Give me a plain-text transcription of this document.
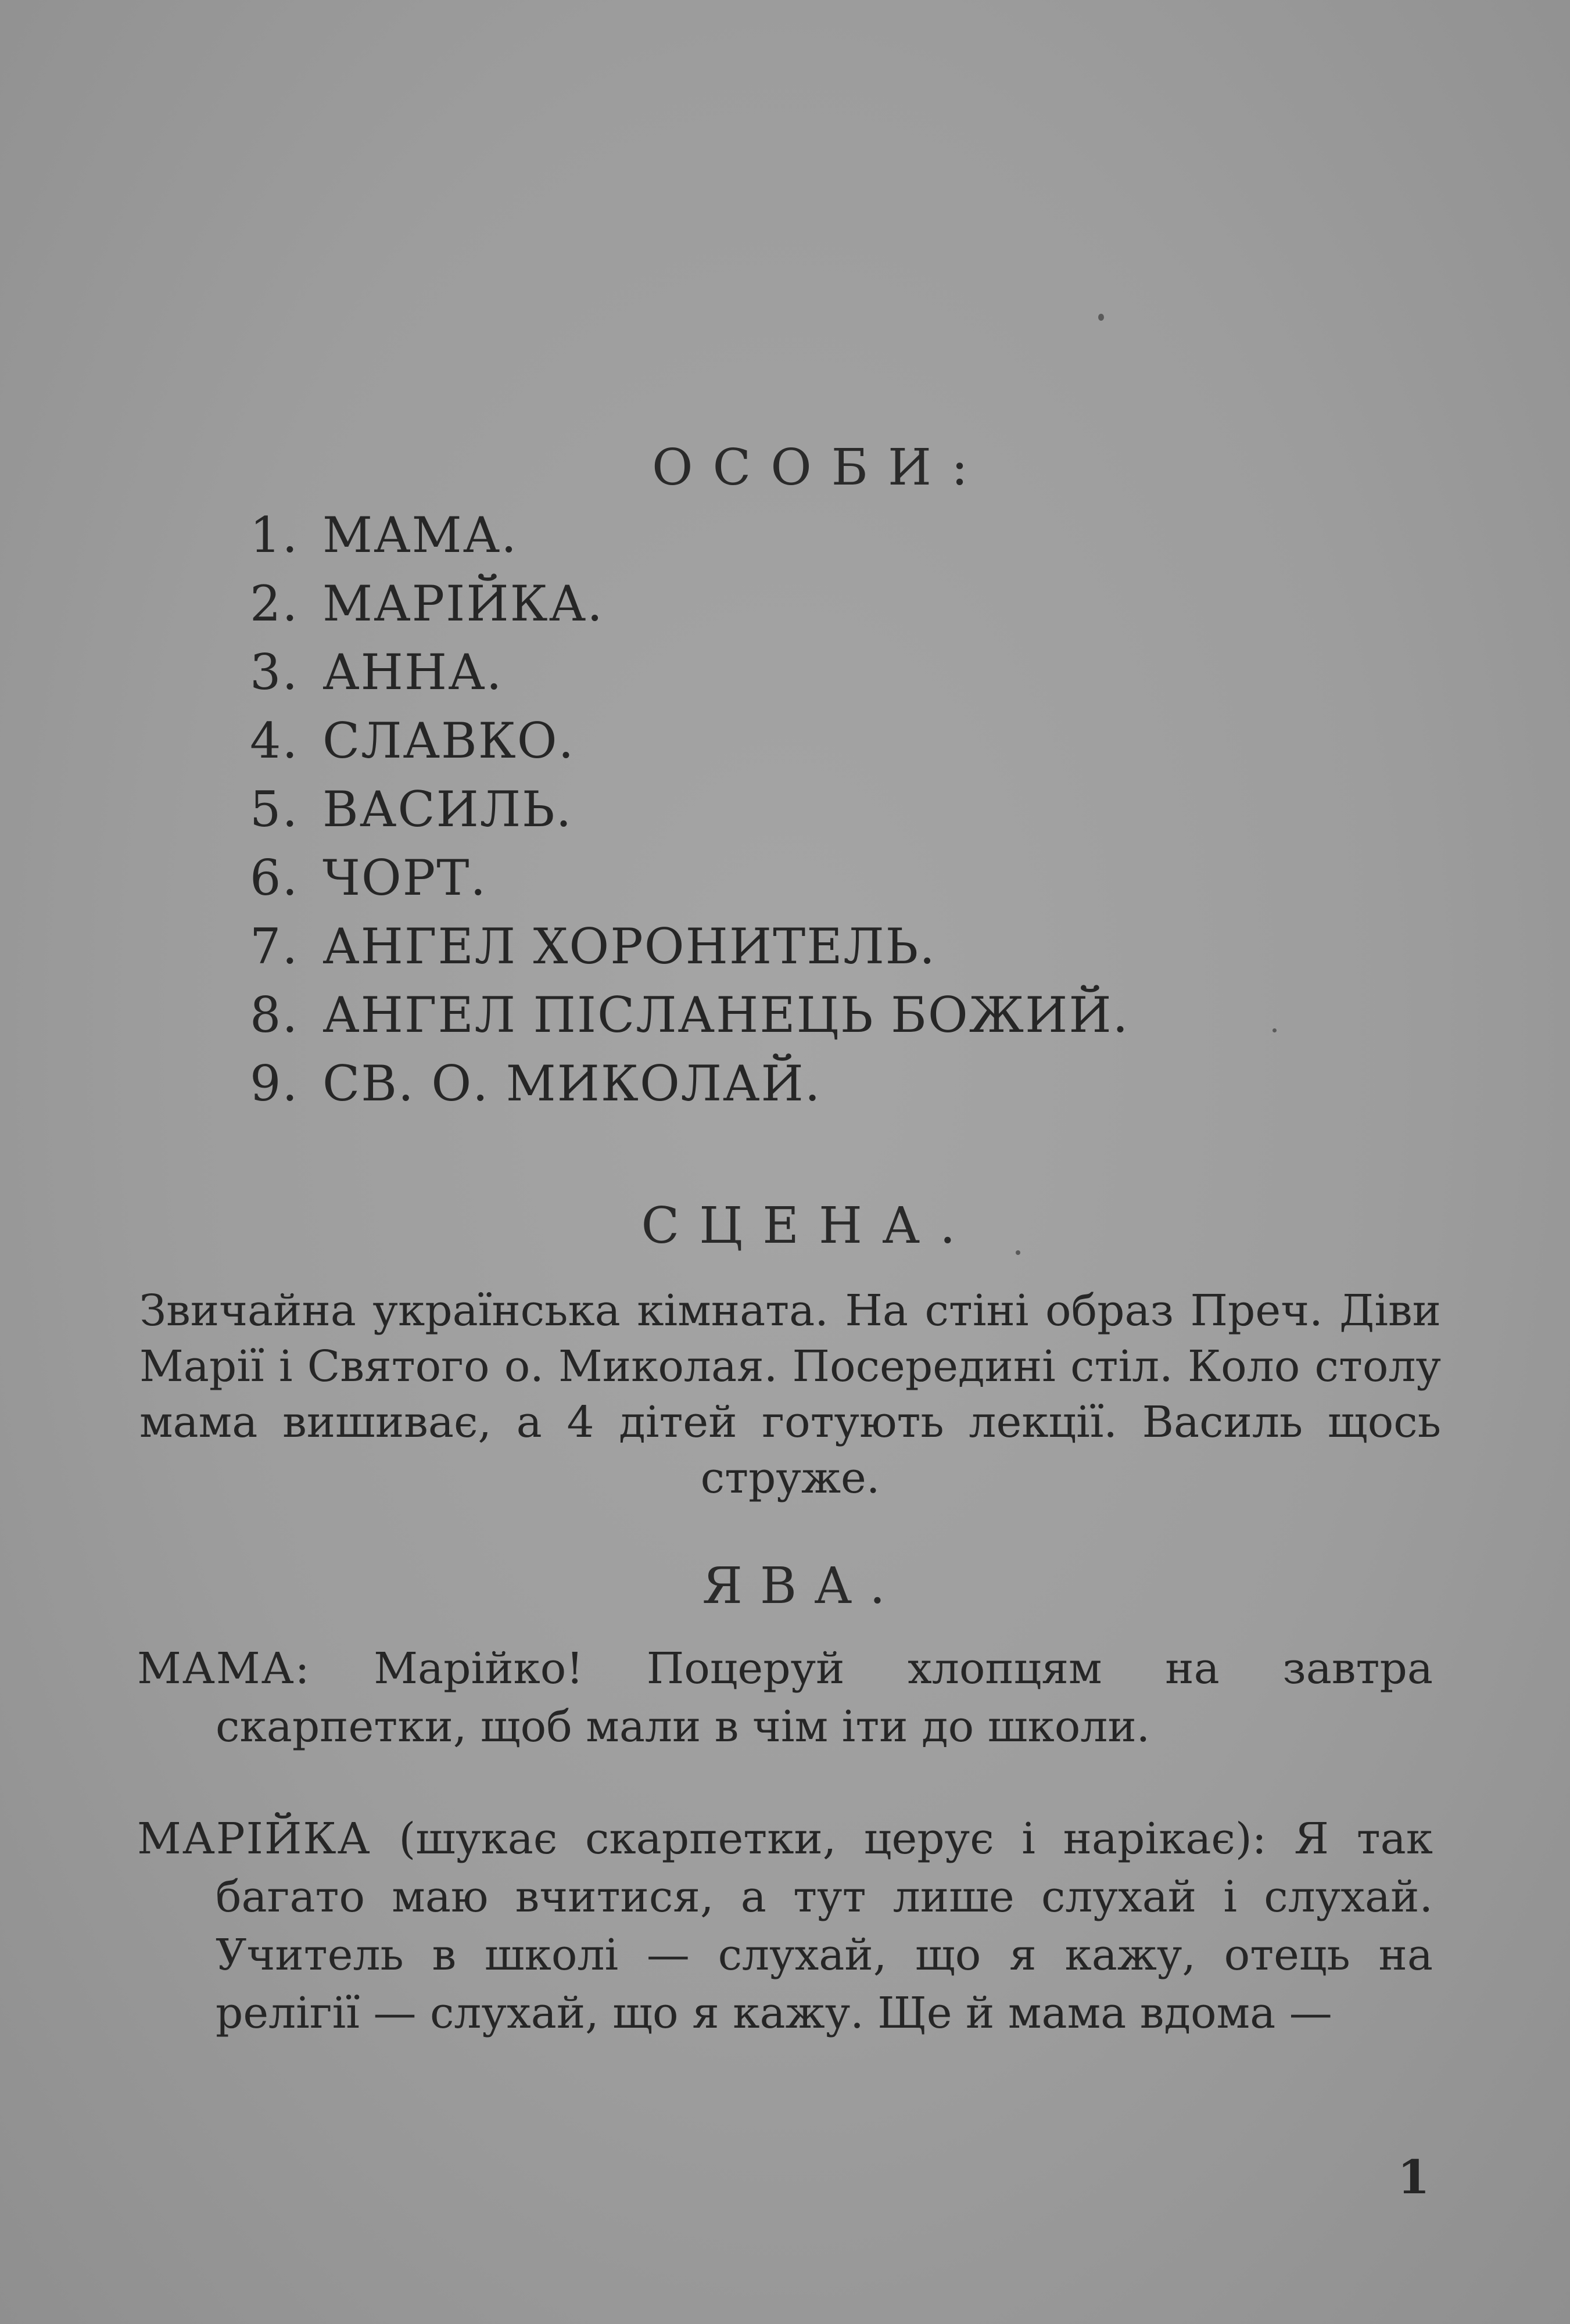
ОСОБИ:
1. МАМА.
2. МАРІЙКА.
3. АННА.
4. СЛАВКО.
5. ВАСИЛЬ.
6. ЧОРТ.
7. АНГЕЛ ХОРОНИТЕЛЬ.
8. АНГЕЛ ПІСЛАНЕЦЬ БОЖИЙ.
9. СВ. О. МИКОЛАЙ.
СЦЕНА.
Звичайна українська кімната. На стіні образ Преч. Діви Марії і Святого о. Миколая. Посередині стіл. Коло столу мама вишиває, а 4 дітей готують лекції. Василь щось струже.
ЯВА.
МАМА: Марійко! Поцеруй хлопцям на завтра скарпетки, щоб мали в чім іти до школи.
МАРІЙКА (шукає скарпетки, церує і нарікає): Я так багато маю вчитися, а тут лише слухай і слухай. Учитель в школі — слухай, що я кажу, отець на релігії — слухай, що я кажу. Ще й мама вдома —
1
